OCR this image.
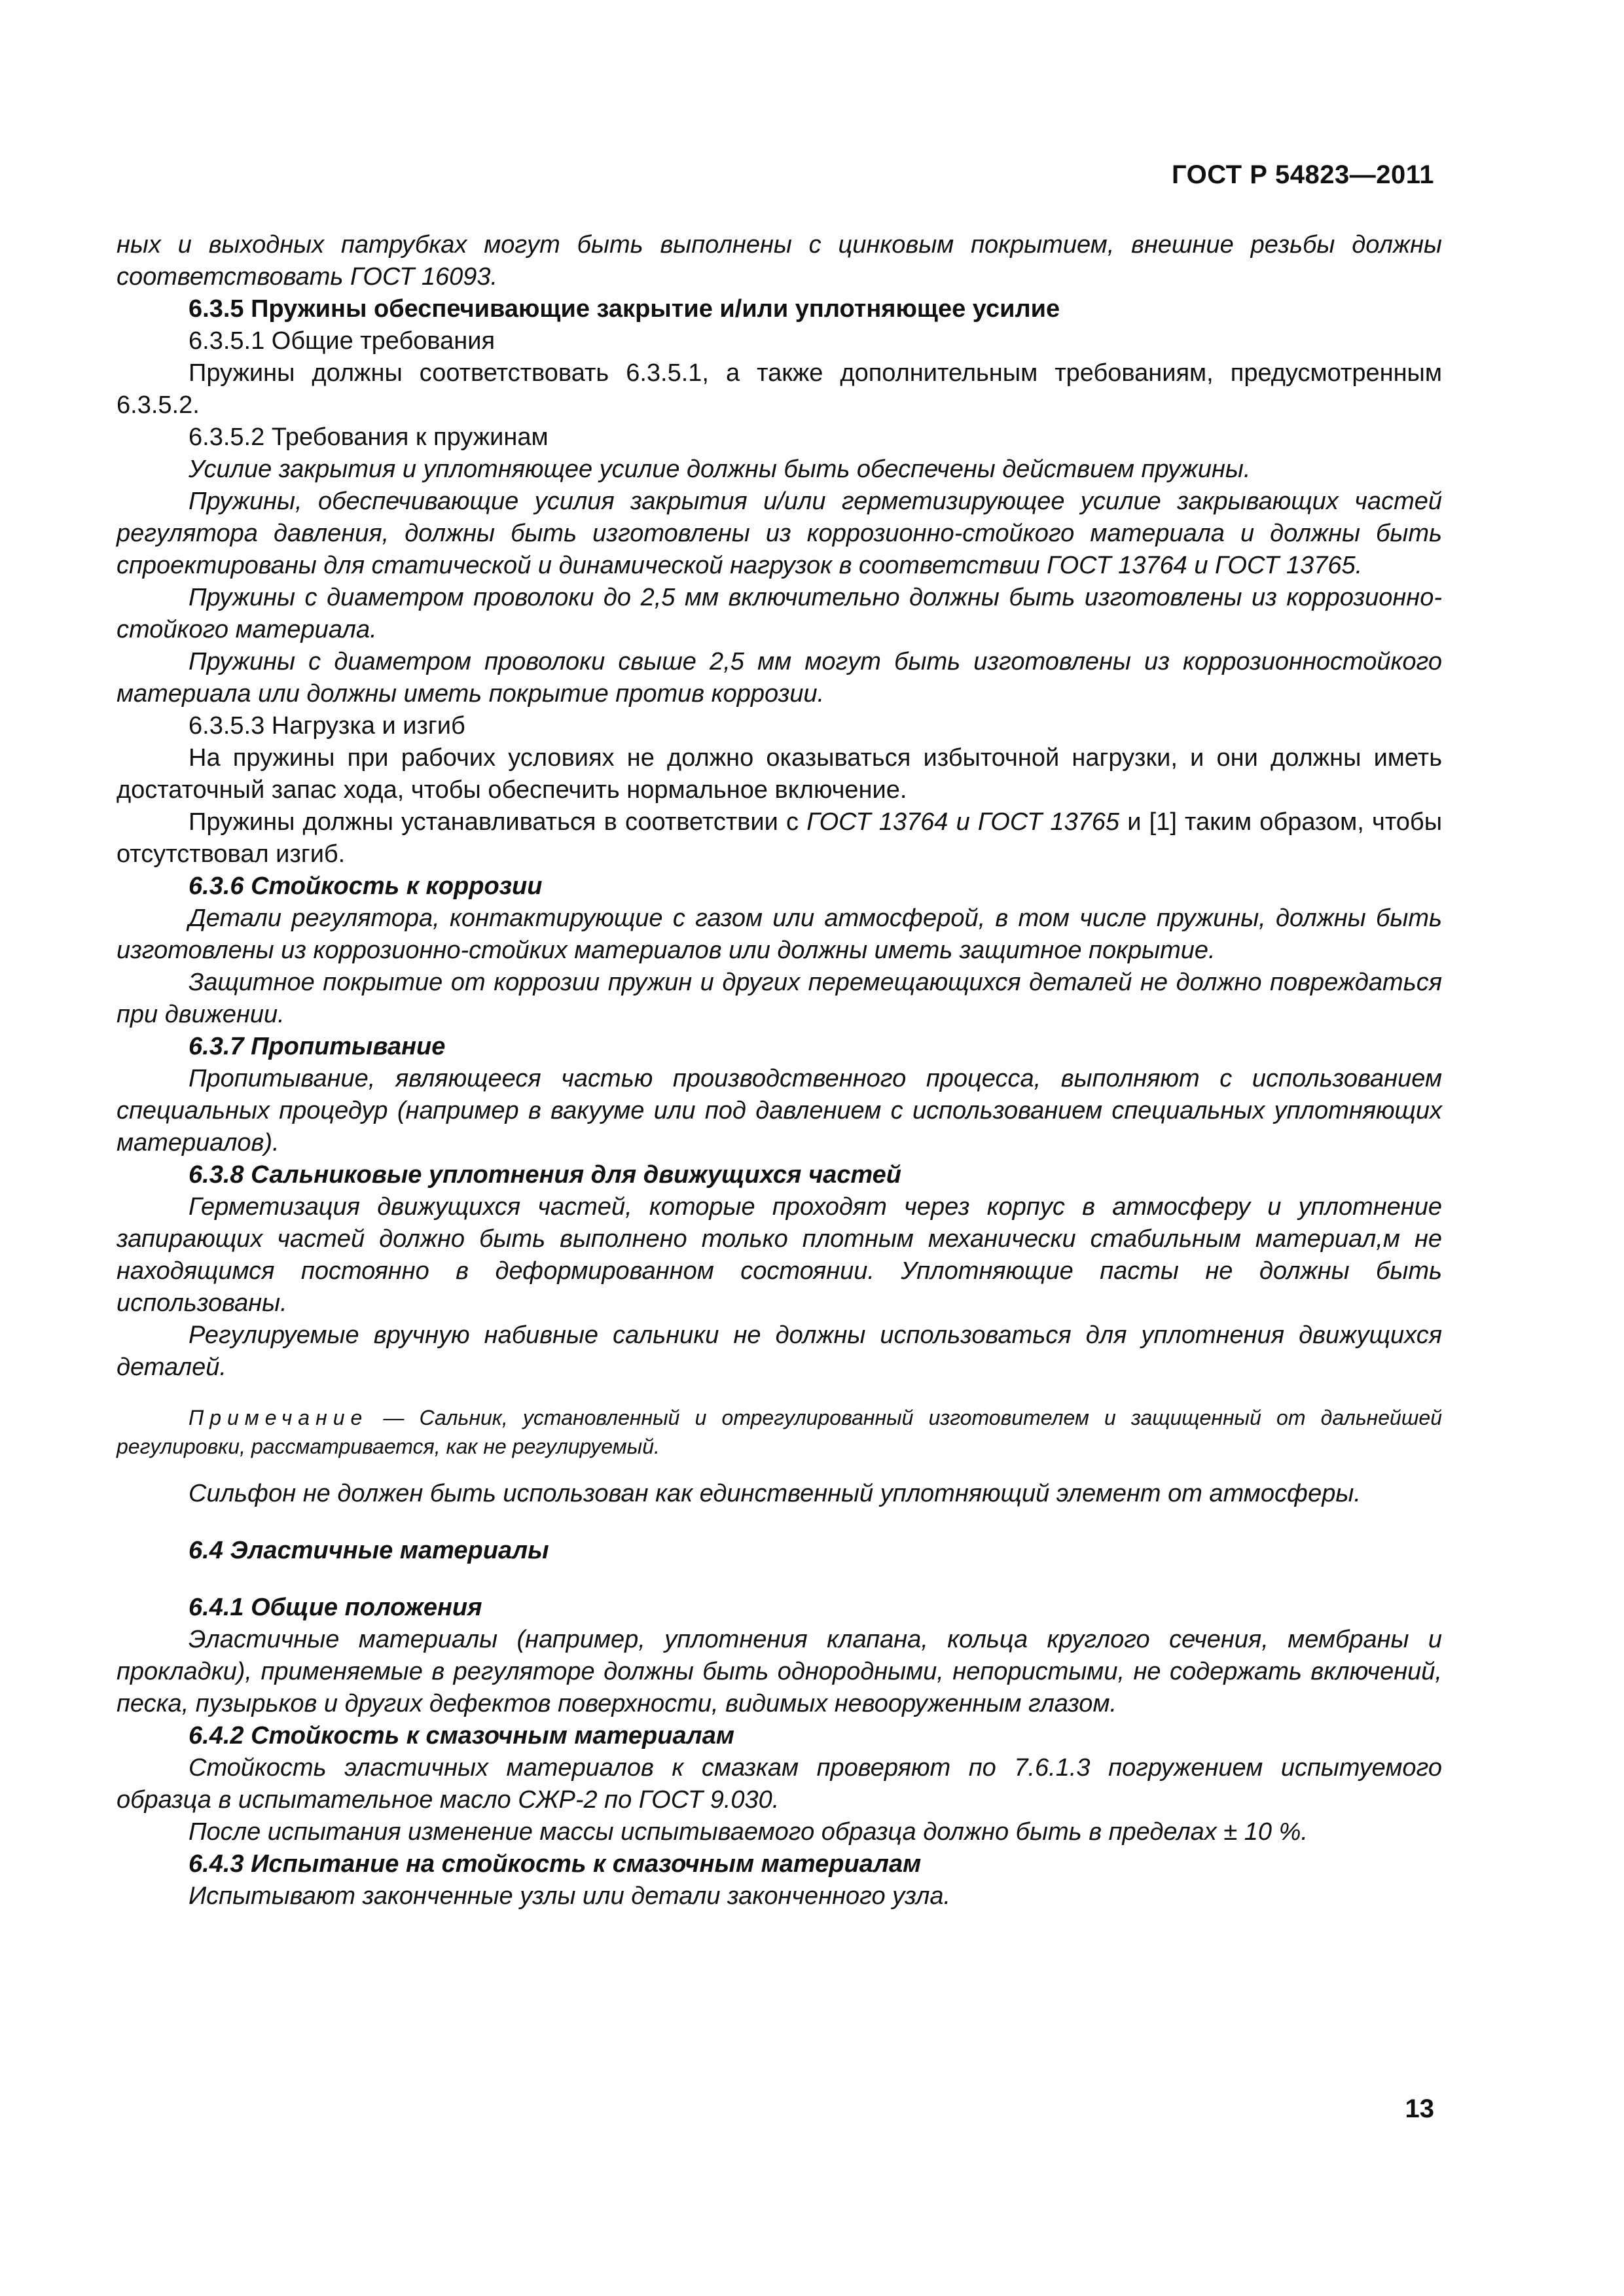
ГОСТ Р 54823—2011

ных и выходных патрубках могут быть выполнены с цинковым покрытием, внешние резьбы должны соответствовать ГОСТ 16093.

6.3.5 Пружины обеспечивающие закрытие и/или уплотняющее усилие

6.3.5.1 Общие требования

Пружины должны соответствовать 6.3.5.1, а также дополнительным требованиям, предусмотренным 6.3.5.2.

6.3.5.2 Требования к пружинам

Усилие закрытия и уплотняющее усилие должны быть обеспечены действием пружины.

Пружины, обеспечивающие усилия закрытия и/или герметизирующее усилие закрывающих частей регулятора давления, должны быть изготовлены из коррозионно-стойкого материала и должны быть спроектированы для статической и динамической нагрузок в соответствии ГОСТ 13764 и ГОСТ 13765.

Пружины с диаметром проволоки до 2,5 мм включительно должны быть изготовлены из коррозионно-стойкого материала.

Пружины с диаметром проволоки свыше 2,5 мм могут быть изготовлены из коррозионностойкого материала или должны иметь покрытие против коррозии.

6.3.5.3 Нагрузка и изгиб

На пружины при рабочих условиях не должно оказываться избыточной нагрузки, и они должны иметь достаточный запас хода, чтобы обеспечить нормальное включение.

Пружины должны устанавливаться в соответствии с ГОСТ 13764 и ГОСТ 13765 и [1] таким образом, чтобы отсутствовал изгиб.

6.3.6 Стойкость к коррозии

Детали регулятора, контактирующие с газом или атмосферой, в том числе пружины, должны быть изготовлены из коррозионно-стойких материалов или должны иметь защитное покрытие.

Защитное покрытие от коррозии пружин и других перемещающихся деталей не должно повреждаться при движении.

6.3.7 Пропитывание

Пропитывание, являющееся частью производственного процесса, выполняют с использованием специальных процедур (например в вакууме или под давлением с использованием специальных уплотняющих материалов).

6.3.8 Сальниковые уплотнения для движущихся частей

Герметизация движущихся частей, которые проходят через корпус в атмосферу и уплотнение запирающих частей должно быть выполнено только плотным механически стабильным материал,м не находящимся постоянно в деформированном состоянии. Уплотняющие пасты не должны быть использованы.

Регулируемые вручную набивные сальники не должны использоваться для уплотнения движущихся деталей.

Примечание — Сальник, установленный и отрегулированный изготовителем и защищенный от дальнейшей регулировки, рассматривается, как не регулируемый.

Сильфон не должен быть использован как единственный уплотняющий элемент от атмосферы.

6.4 Эластичные материалы

6.4.1 Общие положения

Эластичные материалы (например, уплотнения клапана, кольца круглого сечения, мембраны и прокладки), применяемые в регуляторе должны быть однородными, непористыми, не содержать включений, песка, пузырьков и других дефектов поверхности, видимых невооруженным глазом.

6.4.2 Стойкость к смазочным материалам

Стойкость эластичных материалов к смазкам проверяют по 7.6.1.3 погружением испытуемого образца в испытательное масло СЖР-2 по ГОСТ 9.030.

После испытания изменение массы испытываемого образца должно быть в пределах ± 10 %.

6.4.3 Испытание на стойкость к смазочным материалам

Испытывают законченные узлы или детали законченного узла.

13
